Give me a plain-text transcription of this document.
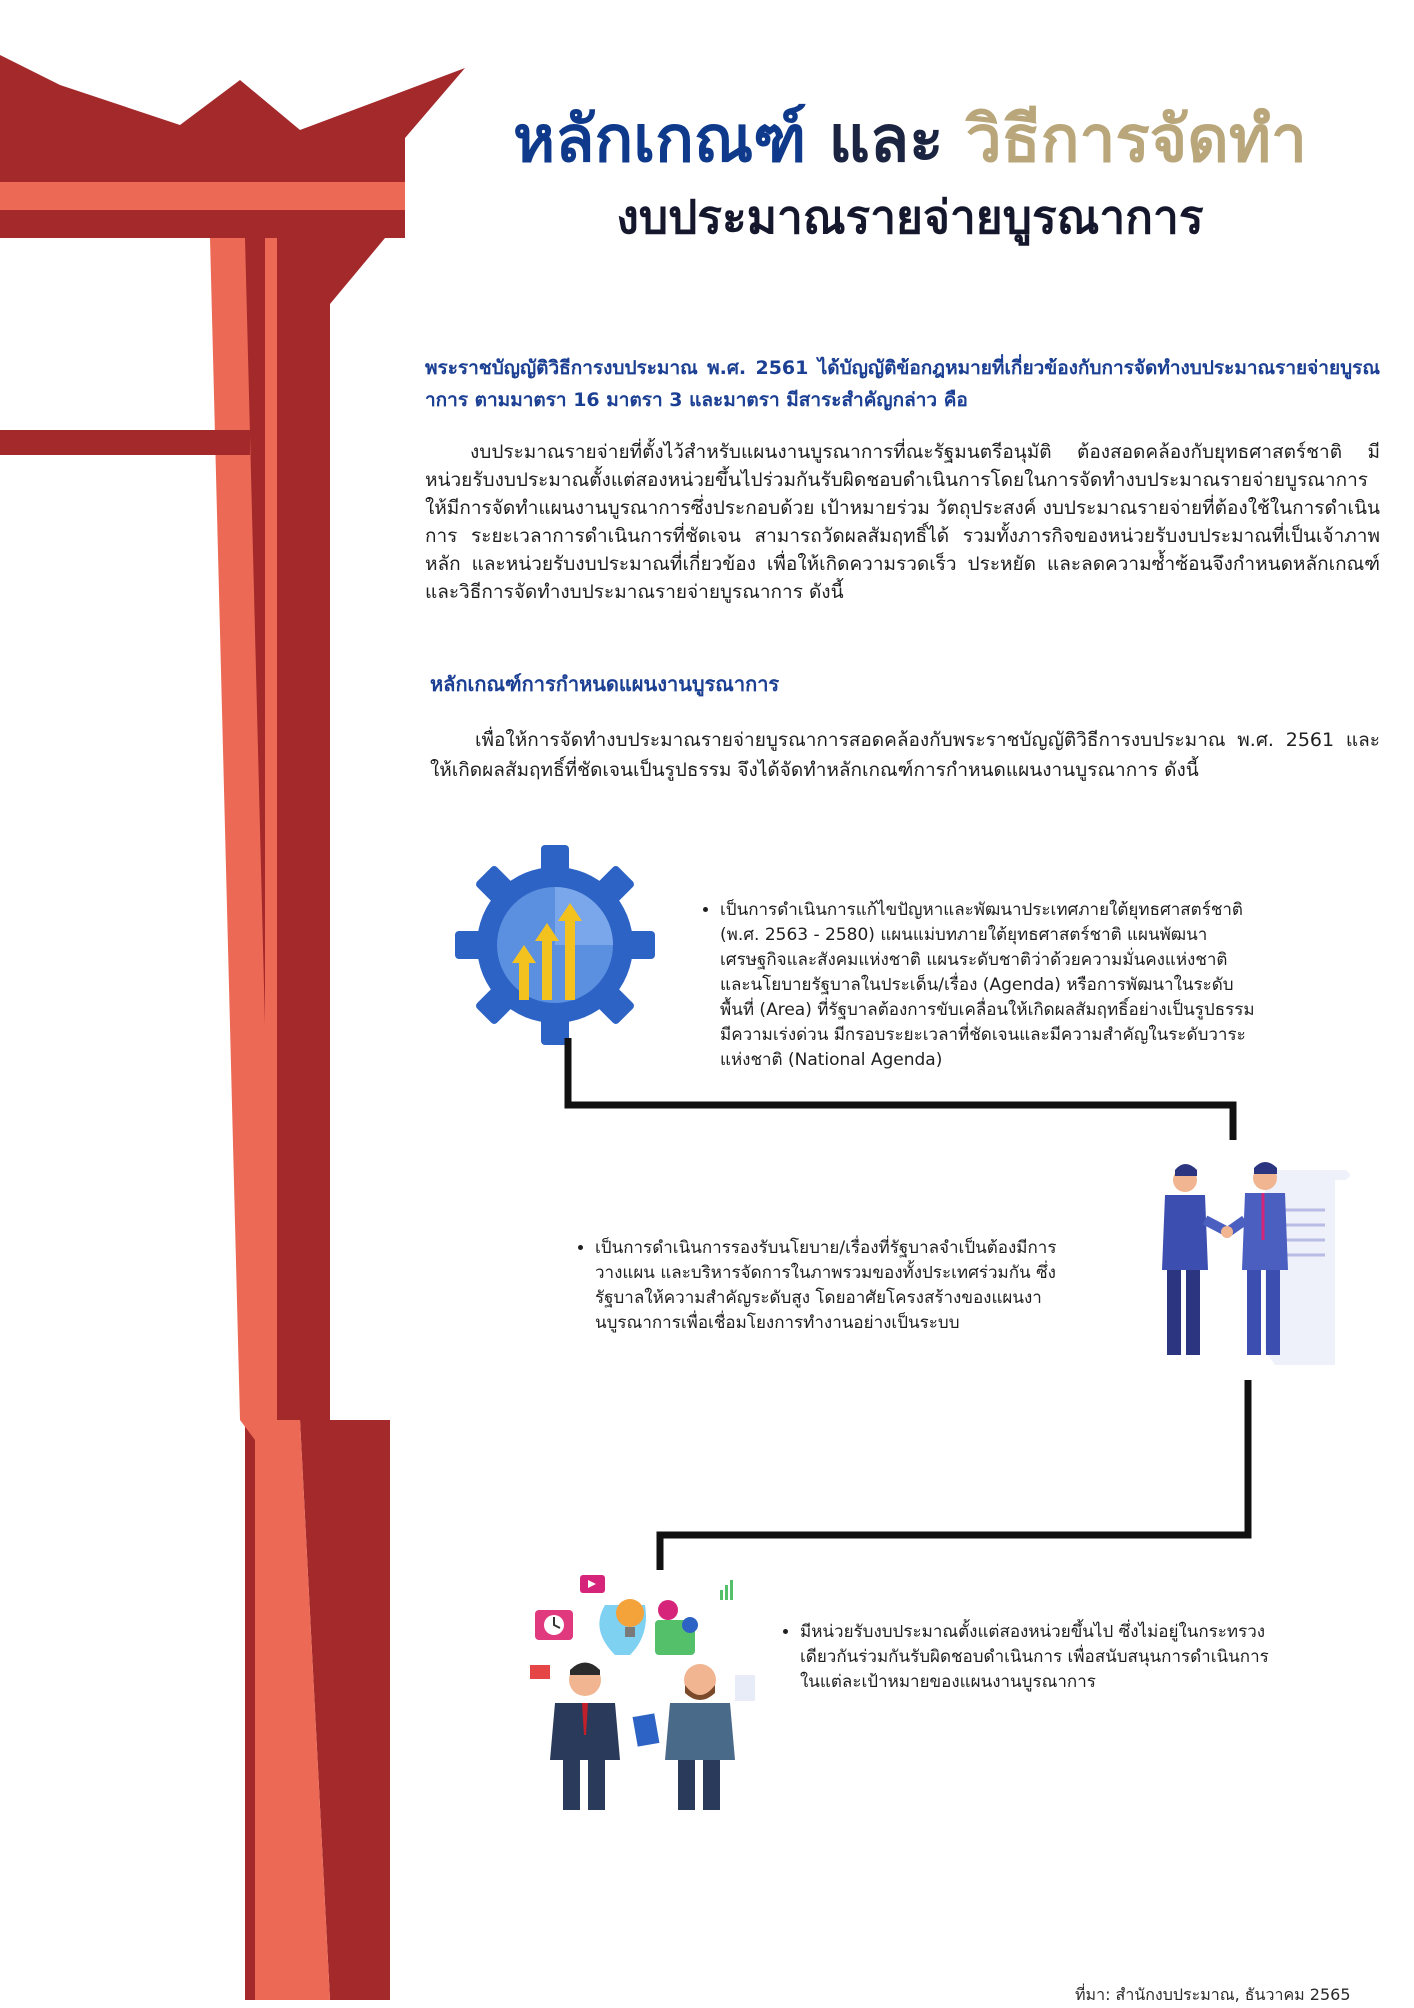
หลักเกณฑ์ และ วิธีการจัดทำ
งบประมาณรายจ่ายบูรณาการ
พระราชบัญญัติวิธีการงบประมาณ พ.ศ. 2561 ได้บัญญัติข้อกฎหมายที่เกี่ยวข้องกับการจัดทำงบประมาณรายจ่ายบูรณาการ ตามมาตรา 16 มาตรา 3 และมาตรา มีสาระสำคัญกล่าว คือ
งบประมาณรายจ่ายที่ตั้งไว้สำหรับแผนงานบูรณาการที่ณะรัฐมนตรีอนุมัติ ต้องสอดคล้องกับยุทธศาสตร์ชาติ มีหน่วยรับงบประมาณตั้งแต่สองหน่วยขึ้นไปร่วมกันรับผิดชอบดำเนินการโดยในการจัดทำงบประมาณรายจ่ายบูรณาการให้มีการจัดทำแผนงานบูรณาการซึ่งประกอบด้วย เป้าหมายร่วม วัตถุประสงค์ งบประมาณรายจ่ายที่ต้องใช้ในการดำเนินการ ระยะเวลาการดำเนินการที่ชัดเจน สามารถวัดผลสัมฤทธิ์ได้ รวมทั้งภารกิจของหน่วยรับงบประมาณที่เป็นเจ้าภาพหลัก และหน่วยรับงบประมาณที่เกี่ยวข้อง เพื่อให้เกิดความรวดเร็ว ประหยัด และลดความซ้ำซ้อนจึงกำหนดหลักเกณฑ์และวิธีการจัดทำงบประมาณรายจ่ายบูรณาการ ดังนี้
หลักเกณฑ์การกำหนดแผนงานบูรณาการ
เพื่อให้การจัดทำงบประมาณรายจ่ายบูรณาการสอดคล้องกับพระราชบัญญัติวิธีการงบประมาณ พ.ศ. 2561 และให้เกิดผลสัมฤทธิ์ที่ชัดเจนเป็นรูปธรรม จึงได้จัดทำหลักเกณฑ์การกำหนดแผนงานบูรณาการ ดังนี้
• เป็นการดำเนินการแก้ไขปัญหาและพัฒนาประเทศภายใต้ยุทธศาสตร์ชาติ (พ.ศ. 2563 - 2580) แผนแม่บทภายใต้ยุทธศาสตร์ชาติ แผนพัฒนาเศรษฐกิจและสังคมแห่งชาติ แผนระดับชาติว่าด้วยความมั่นคงแห่งชาติ และนโยบายรัฐบาลในประเด็น/เรื่อง (Agenda) หรือการพัฒนาในระดับพื้นที่ (Area) ที่รัฐบาลต้องการขับเคลื่อนให้เกิดผลสัมฤทธิ์อย่างเป็นรูปธรรม มีความเร่งด่วน มีกรอบระยะเวลาที่ชัดเจนและมีความสำคัญในระดับวาระแห่งชาติ (National Agenda)
• เป็นการดำเนินการรองรับนโยบาย/เรื่องที่รัฐบาลจำเป็นต้องมีการวางแผน และบริหารจัดการในภาพรวมของทั้งประเทศร่วมกัน ซึ่งรัฐบาลให้ความสำคัญระดับสูง โดยอาศัยโครงสร้างของแผนงานบูรณาการเพื่อเชื่อมโยงการทำงานอย่างเป็นระบบ
• มีหน่วยรับงบประมาณตั้งแต่สองหน่วยขึ้นไป ซึ่งไม่อยู่ในกระทรวงเดียวกันร่วมกันรับผิดชอบดำเนินการ เพื่อสนับสนุนการดำเนินการในแต่ละเป้าหมายของแผนงานบูรณาการ
ที่มา: สำนักงบประมาณ, ธันวาคม 2565
